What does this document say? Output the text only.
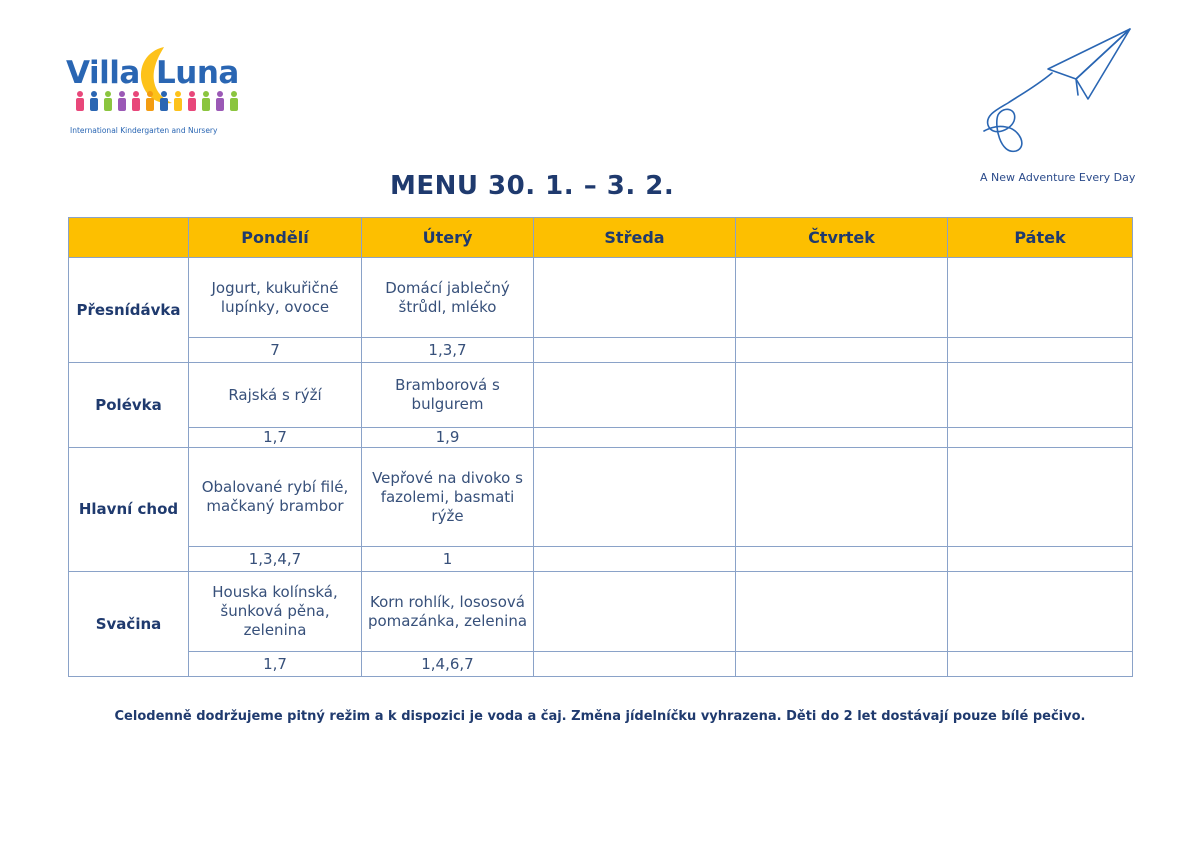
Villa Luna
International Kindergarten and Nursery
A New Adventure Every Day
MENU 30. 1. – 3. 2.
	Pondělí	Úterý	Středa	Čtvrtek	Pátek
Přesnídávka	Jogurt, kukuřičné lupínky, ovoce	Domácí jablečný štrůdl, mléko			
	7	1,3,7			
Polévka	Rajská s rýží	Bramborová s bulgurem			
	1,7	1,9			
Hlavní chod	Obalované rybí filé, mačkaný brambor	Vepřové na divoko s fazolemi, basmati rýže			
	1,3,4,7	1			
Svačina	Houska kolínská, šunková pěna, zelenina	Korn rohlík, lososová pomazánka, zelenina			
	1,7	1,4,6,7			
Celodenně dodržujeme pitný režim a k dispozici je voda a čaj. Změna jídelníčku vyhrazena. Děti do 2 let dostávají pouze bílé pečivo.
